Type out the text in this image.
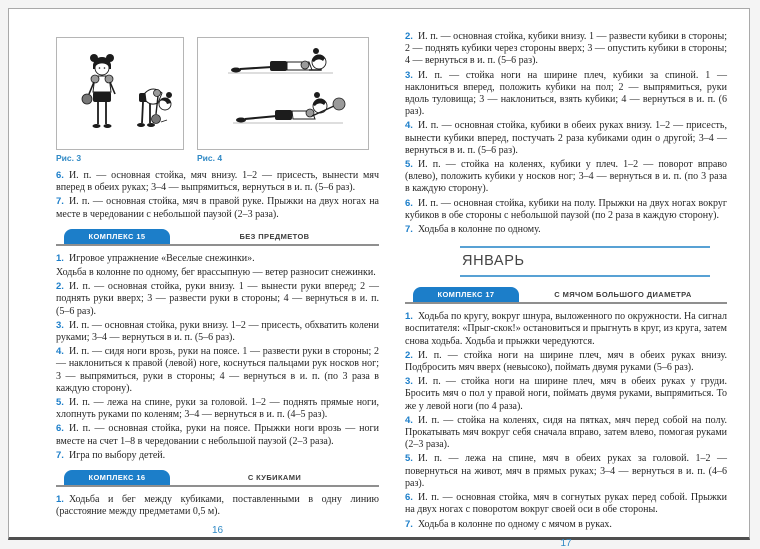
Рис. 3	Рис. 4

6. И. п. — основная стойка, мяч внизу. 1–2 — присесть, вынести мяч вперед в обеих руках; 3–4 — выпрямиться, вернуться в и. п. (5–6 раз).

7. И. п. — основная стойка, мяч в правой руке. Прыжки на двух ногах на месте в чередовании с небольшой паузой (2–3 раза).

КОМПЛЕКС 15	БЕЗ ПРЕДМЕТОВ

1. Игровое упражнение «Веселые снежинки».

Ходьба в колонне по одному, бег врассыпную — ветер разносит снежинки.

2. И. п. — основная стойка, руки внизу. 1 — вынести руки вперед; 2 — поднять руки вверх; 3 — развести руки в стороны; 4 — вернуться в и. п. (5–6 раз).

3. И. п. — основная стойка, руки внизу. 1–2 — присесть, обхватить колени руками; 3–4 — вернуться в и. п. (5–6 раз).

4. И. п. — сидя ноги врозь, руки на поясе. 1 — развести руки в стороны; 2 — наклониться к правой (левой) ноге, коснуться пальцами рук носков ног; 3 — выпрямиться, руки в стороны; 4 — вернуться в и. п. (по 3 раза в каждую сторону).

5. И. п. — лежа на спине, руки за головой. 1–2 — поднять прямые ноги, хлопнуть руками по коленям; 3–4 — вернуться в и. п. (4–5 раз).

6. И. п. — основная стойка, руки на поясе. Прыжки ноги врозь — ноги вместе на счет 1–8 в чередовании с небольшой паузой (2–3 раза).

7. Игра по выбору детей.

КОМПЛЕКС 16	С КУБИКАМИ

1. Ходьба и бег между кубиками, поставленными в одну линию (расстояние между предметами 0,5 м).

16

2. И. п. — основная стойка, кубики внизу. 1 — развести кубики в стороны; 2 — поднять кубики через стороны вверх; 3 — опустить кубики в стороны; 4 — вернуться в и. п. (5–6 раз).

3. И. п. — стойка ноги на ширине плеч, кубики за спиной. 1 — наклониться вперед, положить кубики на пол; 2 — выпрямиться, руки вдоль туловища; 3 — наклониться, взять кубики; 4 — вернуться в и. п. (6 раз).

4. И. п. — основная стойка, кубики в обеих руках внизу. 1–2 — присесть, вынести кубики вперед, постучать 2 раза кубиками один о другой; 3–4 — вернуться в и. п. (5–6 раз).

5. И. п. — стойка на коленях, кубики у плеч. 1–2 — поворот вправо (влево), положить кубики у носков ног; 3–4 — вернуться в и. п. (по 3 раза в каждую сторону).

6. И. п. — основная стойка, кубики на полу. Прыжки на двух ногах вокруг кубиков в обе стороны с небольшой паузой (по 2 раза в каждую сторону).

7. Ходьба в колонне по одному.

ЯНВАРЬ
КОМПЛЕКС 17	С МЯЧОМ БОЛЬШОГО ДИАМЕТРА

1. Ходьба по кругу, вокруг шнура, выложенного по окружности. На сигнал воспитателя: «Прыг-скок!» остановиться и прыгнуть в круг, из круга, затем снова ходьба. Ходьба и прыжки чередуются.

2. И. п. — стойка ноги на ширине плеч, мяч в обеих руках внизу. Подбросить мяч вверх (невысоко), поймать двумя руками (5–6 раз).

3. И. п. — стойка ноги на ширине плеч, мяч в обеих руках у груди. Бросить мяч о пол у правой ноги, поймать двумя руками, выпрямиться. То же у левой ноги (по 4 раза).

4. И. п. — стойка на коленях, сидя на пятках, мяч перед собой на полу. Прокатывать мяч вокруг себя сначала вправо, затем влево, помогая руками (2–3 раза).

5. И. п. — лежа на спине, мяч в обеих руках за головой. 1–2 — повернуться на живот, мяч в прямых руках; 3–4 — вернуться в и. п. (4–6 раз).

6. И. п. — основная стойка, мяч в согнутых руках перед собой. Прыжки на двух ногах с поворотом вокруг своей оси в обе стороны.

7. Ходьба в колонне по одному с мячом в руках.

17
